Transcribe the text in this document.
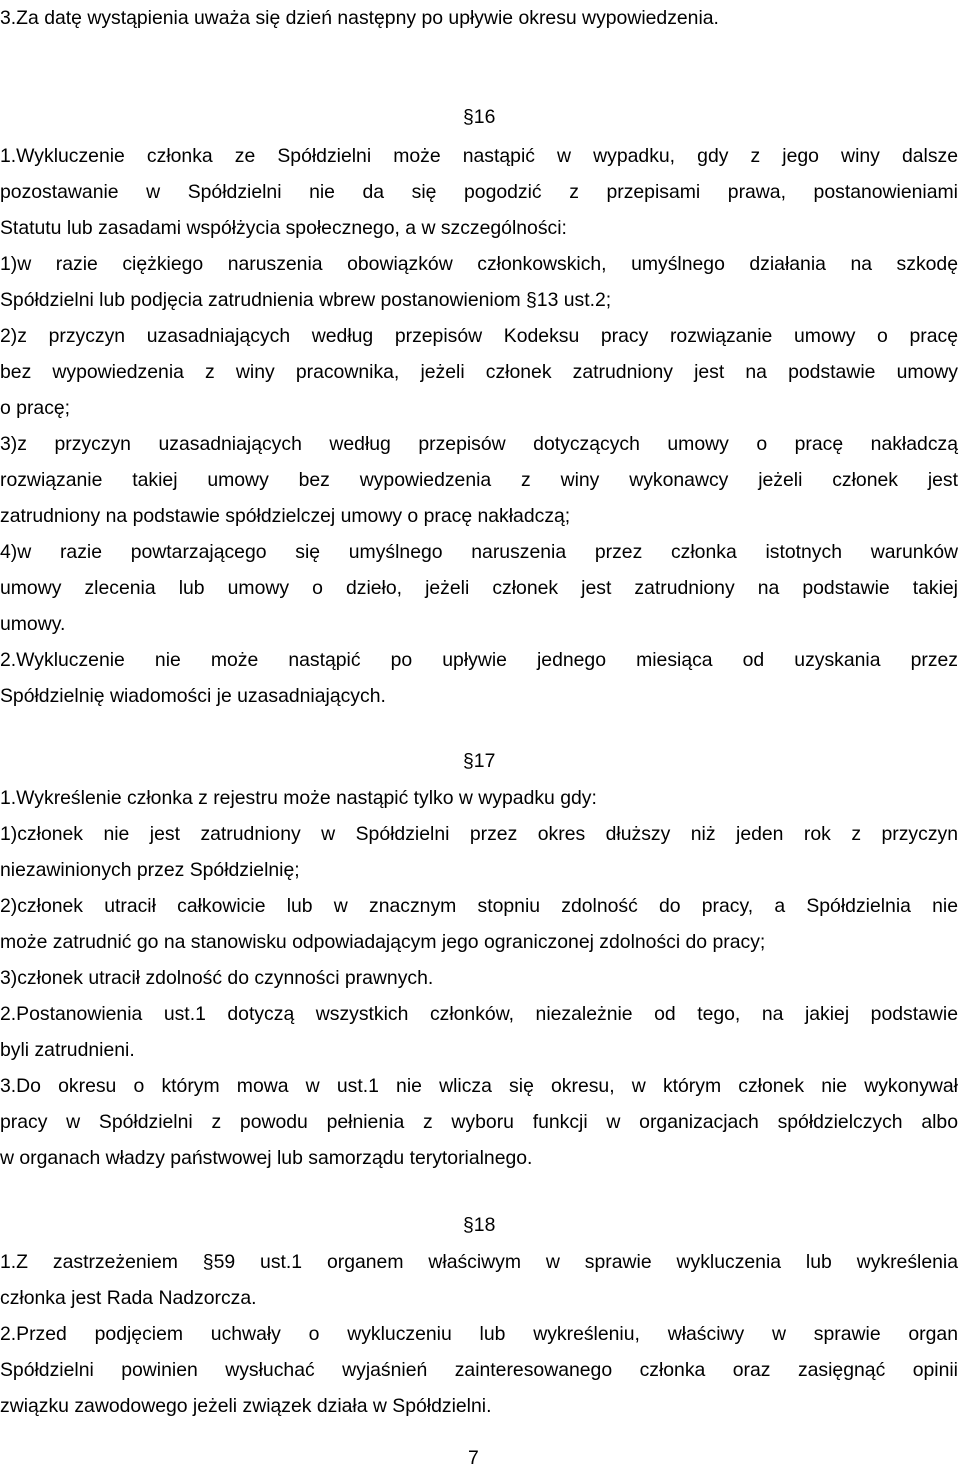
3.Za datę wystąpienia uważa się dzień następny po upływie okresu wypowiedzenia.

§16

1.Wykluczenie członka ze Spółdzielni może nastąpić w wypadku, gdy z jego winy dalsze

pozostawanie w Spółdzielni nie da się pogodzić z przepisami prawa, postanowieniami

Statutu lub zasadami współżycia społecznego, a w szczególności:

1)w razie ciężkiego naruszenia obowiązków członkowskich, umyślnego działania na szkodę

Spółdzielni lub podjęcia zatrudnienia wbrew postanowieniom §13 ust.2;

2)z przyczyn uzasadniających według przepisów Kodeksu pracy rozwiązanie umowy o pracę

bez wypowiedzenia z winy pracownika, jeżeli członek zatrudniony jest na podstawie umowy

o pracę;

3)z przyczyn uzasadniających według przepisów dotyczących umowy o pracę nakładczą

rozwiązanie takiej umowy bez wypowiedzenia z winy wykonawcy jeżeli członek jest

zatrudniony na podstawie spółdzielczej umowy o pracę nakładczą;

4)w razie powtarzającego się umyślnego naruszenia przez członka istotnych warunków

umowy zlecenia lub umowy o dzieło, jeżeli członek jest zatrudniony na podstawie takiej

umowy.

2.Wykluczenie nie może nastąpić po upływie jednego miesiąca od uzyskania przez

Spółdzielnię wiadomości je uzasadniających.

§17

1.Wykreślenie członka z rejestru może nastąpić tylko w wypadku gdy:

1)członek nie jest zatrudniony w Spółdzielni przez okres dłuższy niż jeden rok z przyczyn

niezawinionych przez Spółdzielnię;

2)członek utracił całkowicie lub w znacznym stopniu zdolność do pracy, a Spółdzielnia nie

może zatrudnić go na stanowisku odpowiadającym jego ograniczonej zdolności do pracy;

3)członek utracił zdolność do czynności prawnych.

2.Postanowienia ust.1 dotyczą wszystkich członków, niezależnie od tego, na jakiej podstawie

byli zatrudnieni.

3.Do okresu o którym mowa w ust.1 nie wlicza się okresu, w którym członek nie wykonywał

pracy w Spółdzielni z powodu pełnienia z wyboru funkcji w organizacjach spółdzielczych albo

w organach władzy państwowej lub samorządu terytorialnego.

§18

1.Z zastrzeżeniem §59 ust.1 organem właściwym w sprawie wykluczenia lub wykreślenia

członka jest Rada Nadzorcza.

2.Przed podjęciem uchwały o wykluczeniu lub wykreśleniu, właściwy w sprawie organ

Spółdzielni powinien wysłuchać wyjaśnień zainteresowanego członka oraz zasięgnąć opinii

związku zawodowego jeżeli związek działa w Spółdzielni.

7
